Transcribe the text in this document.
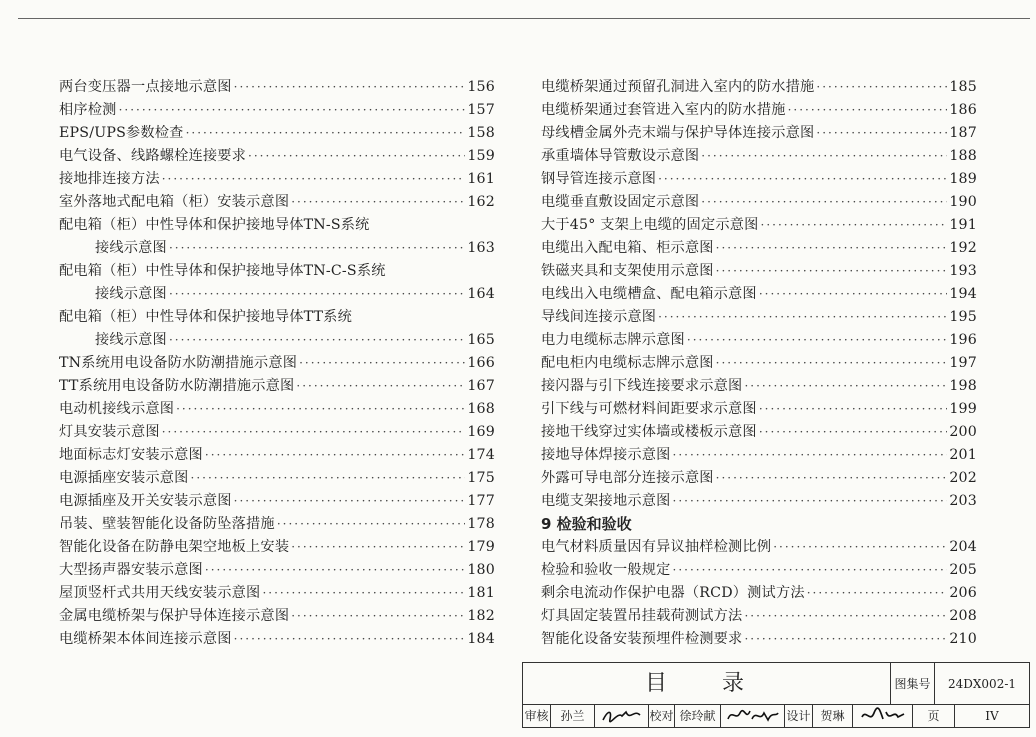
两台变压器一点接地示意图 ·····	156
相序检测 ·····	157
EPS/UPS参数检查 ·····	158
电气设备、线路螺栓连接要求 ·····	159
接地排连接方法 ·····	161
室外落地式配电箱（柜）安装示意图 ·····	162
配电箱（柜）中性导体和保护接地导体TN-S系统
接线示意图 ·····	163
配电箱（柜）中性导体和保护接地导体TN-C-S系统
接线示意图 ·····	164
配电箱（柜）中性导体和保护接地导体TT系统
接线示意图 ·····	165
TN系统用电设备防水防潮措施示意图 ·····	166
TT系统用电设备防水防潮措施示意图 ·····	167
电动机接线示意图 ·····	168
灯具安装示意图 ·····	169
地面标志灯安装示意图 ·····	174
电源插座安装示意图 ·····	175
电源插座及开关安装示意图 ·····	177
吊装、壁装智能化设备防坠落措施 ·····	178
智能化设备在防静电架空地板上安装 ·····	179
大型扬声器安装示意图 ·····	180
屋顶竖杆式共用天线安装示意图 ·····	181
金属电缆桥架与保护导体连接示意图 ·····	182
电缆桥架本体间连接示意图 ·····	184
电缆桥架通过预留孔洞进入室内的防水措施 ·····	185
电缆桥架通过套管进入室内的防水措施 ·····	186
母线槽金属外壳末端与保护导体连接示意图 ·····	187
承重墙体导管敷设示意图 ·····	188
钢导管连接示意图 ·····	189
电缆垂直敷设固定示意图 ·····	190
大于45° 支架上电缆的固定示意图 ·····	191
电缆出入配电箱、柜示意图 ·····	192
铁磁夹具和支架使用示意图 ·····	193
电线出入电缆槽盒、配电箱示意图 ·····	194
导线间连接示意图 ·····	195
电力电缆标志牌示意图 ·····	196
配电柜内电缆标志牌示意图 ·····	197
接闪器与引下线连接要求示意图 ·····	198
引下线与可燃材料间距要求示意图 ·····	199
接地干线穿过实体墙或楼板示意图 ·····	200
接地导体焊接示意图 ·····	201
外露可导电部分连接示意图 ·····	202
电缆支架接地示意图 ·····	203
9 检验和验收
电气材料质量因有异议抽样检测比例 ·····	204
检验和验收一般规定 ·····	205
剩余电流动作保护电器（RCD）测试方法 ·····	206
灯具固定装置吊挂载荷测试方法 ·····	208
智能化设备安装预埋件检测要求 ·····	210
目 录	图集号	24DX002-1
审核 孙兰	校对 徐玲献	设计 贺琳	页	IV
